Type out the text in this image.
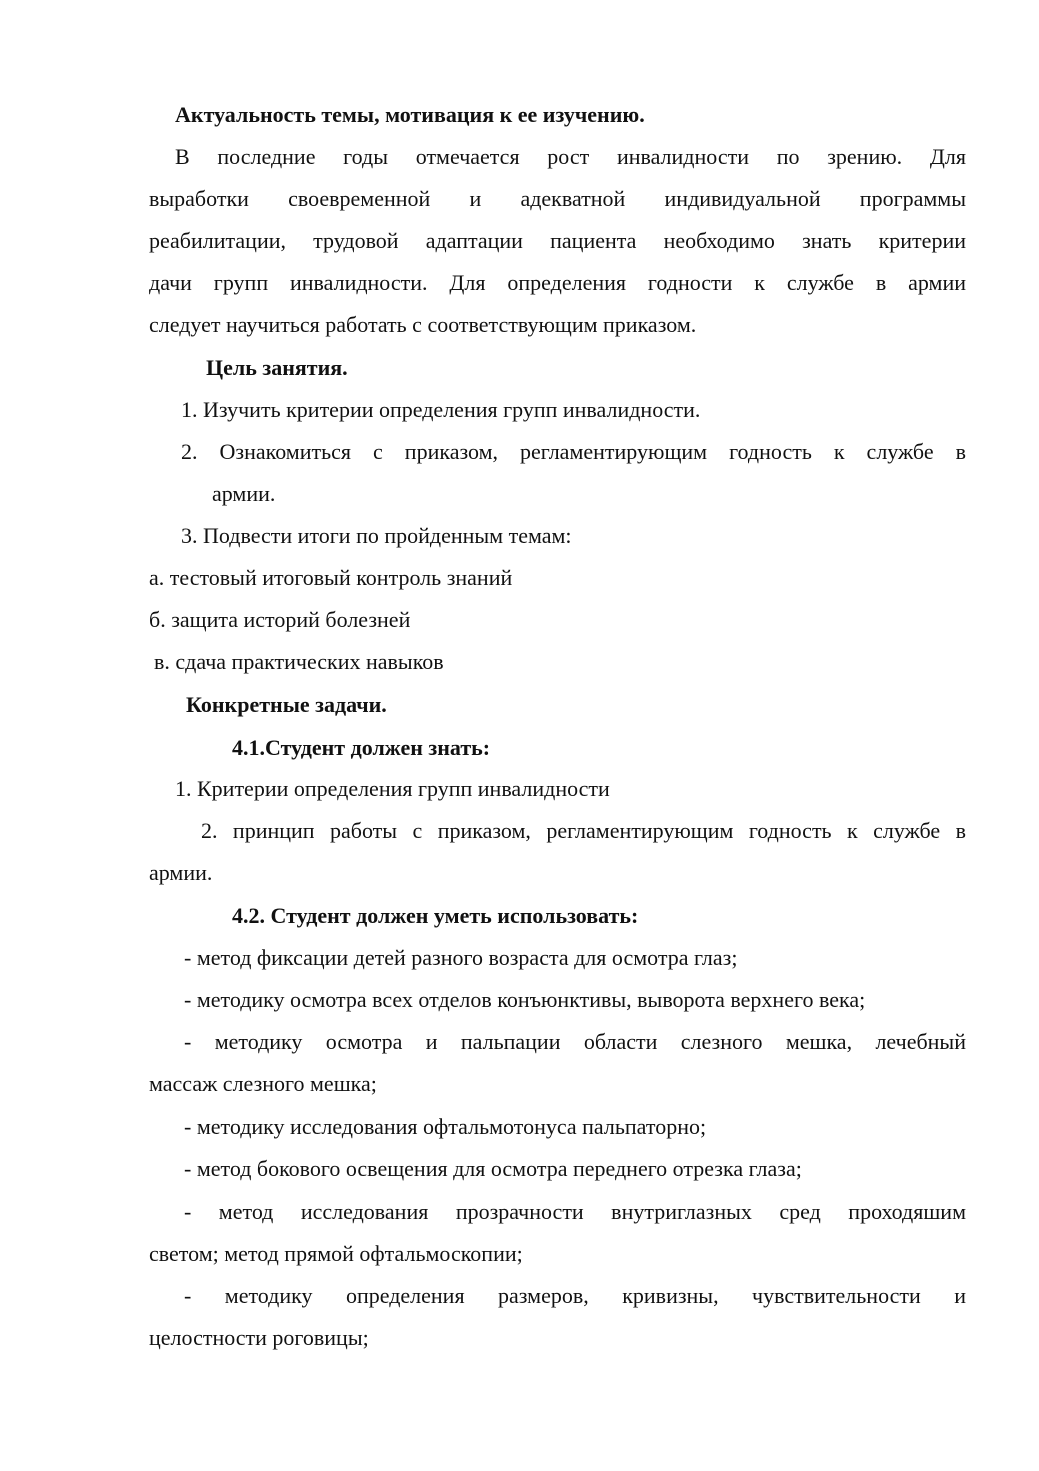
Актуальность темы, мотивация к ее изучению.
В последние годы отмечается рост инвалидности по зрению. Для
выработки своевременной и адекватной индивидуальной программы
реабилитации, трудовой адаптации пациента необходимо знать критерии
дачи групп инвалидности. Для определения годности к службе в армии
следует научиться работать с соответствующим приказом.
Цель занятия.
1. Изучить критерии определения групп инвалидности.
2. Ознакомиться с приказом, регламентирующим годность к службе в
армии.
3. Подвести итоги по пройденным темам:
а. тестовый итоговый контроль знаний
б. защита историй болезней
в. сдача практических навыков
Конкретные задачи.
4.1.Студент должен знать:
1. Критерии определения групп инвалидности
2. принцип работы с приказом, регламентирующим годность к службе в
армии.
4.2. Студент должен уметь использовать:
- метод фиксации детей разного возраста для осмотра глаз;
- методику осмотра всех отделов конъюнктивы, выворота верхнего века;
- методику осмотра и пальпации области слезного мешка, лечебный
массаж слезного мешка;
- методику исследования офтальмотонуса пальпаторно;
- метод бокового освещения для осмотра переднего отрезка глаза;
- метод исследования прозрачности внутриглазных сред проходяшим
светом; метод прямой офтальмоскопии;
- методику определения размеров, кривизны, чувствительности и
целостности роговицы;
